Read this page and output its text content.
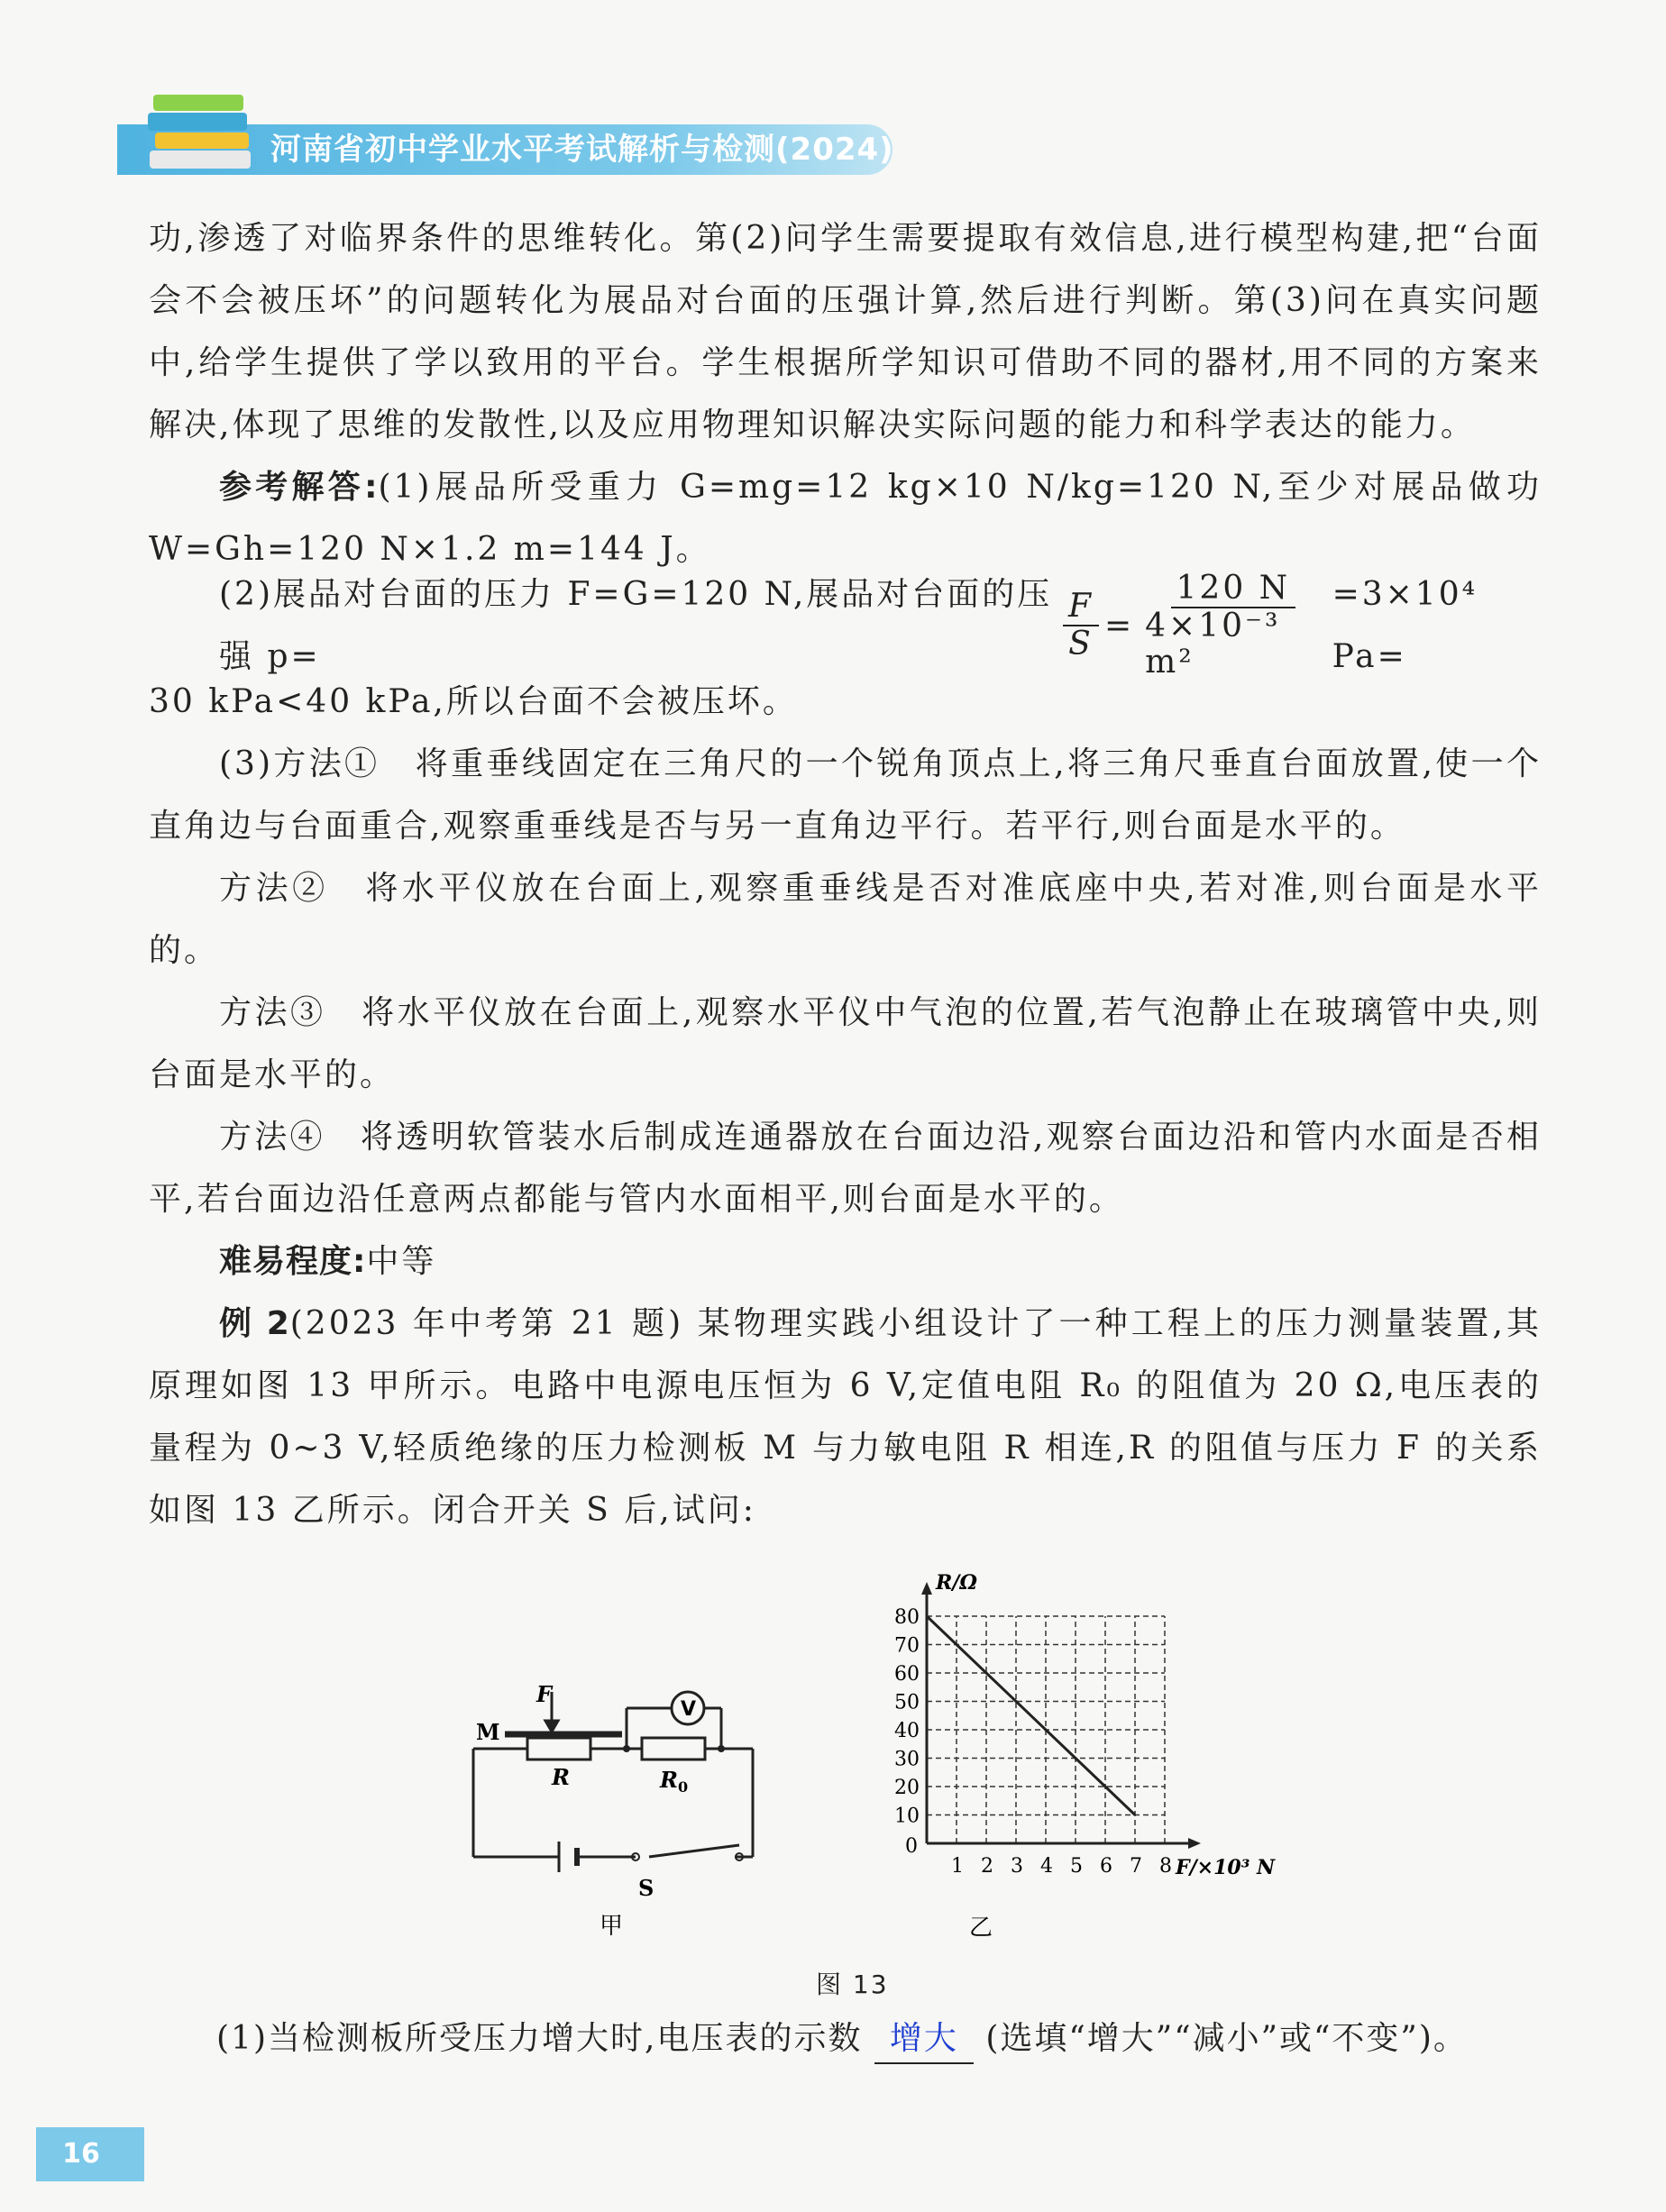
河南省初中学业水平考试解析与检测(2024)

功,渗透了对临界条件的思维转化。第(2)问学生需要提取有效信息,进行模型构建,把“台面会不会被压坏”的问题转化为展品对台面的压强计算,然后进行判断。第(3)问在真实问题中,给学生提供了学以致用的平台。学生根据所学知识可借助不同的器材,用不同的方案来解决,体现了思维的发散性,以及应用物理知识解决实际问题的能力和科学表达的能力。

参考解答:(1)展品所受重力 G=mg=12 kg×10 N/kg=120 N,至少对展品做功 W=Gh=120 N×1.2 m=144 J。

(2)展品对台面的压力 F=G=120 N,展品对台面的压强 p=	$\frac{F}{S} = \frac{120 N}{\text{4×10⁻³ m²}} =3\times 10^4$ Pa=

30 kPa<40 kPa,所以台面不会被压坏。

(3)方法①　将重垂线固定在三角尺的一个锐角顶点上,将三角尺垂直台面放置,使一个直角边与台面重合,观察重垂线是否与另一直角边平行。若平行,则台面是水平的。

方法②　将水平仪放在台面上,观察重垂线是否对准底座中央,若对准,则台面是水平的。

方法③　将水平仪放在台面上,观察水平仪中气泡的位置,若气泡静止在玻璃管中央,则台面是水平的。

方法④　将透明软管装水后制成连通器放在台面边沿,观察台面边沿和管内水面是否相平,若台面边沿任意两点都能与管内水面相平,则台面是水平的。

难易程度:中等

例 2(2023 年中考第 21 题) 某物理实践小组设计了一种工程上的压力测量装置,其原理如图 13 甲所示。电路中电源电压恒为 6 V,定值电阻 R₀ 的阻值为 20 Ω,电压表的量程为 0~3 V,轻质绝缘的压力检测板 M 与力敏电阻 R 相连,R 的阻值与压力 F 的关系如图 13 乙所示。闭合开关 S 后,试问:

F
M
R	$R_0$
V
S
甲
1 2 3 4 5 6 7 8
10
20
30
40
50
60
70
80
0
F/×10³ N
R/Ω
乙
图 13
(1)当检测板所受压力增大时,电压表的示数 增大 (选填“增大”“减小”或“不变”)。
16
